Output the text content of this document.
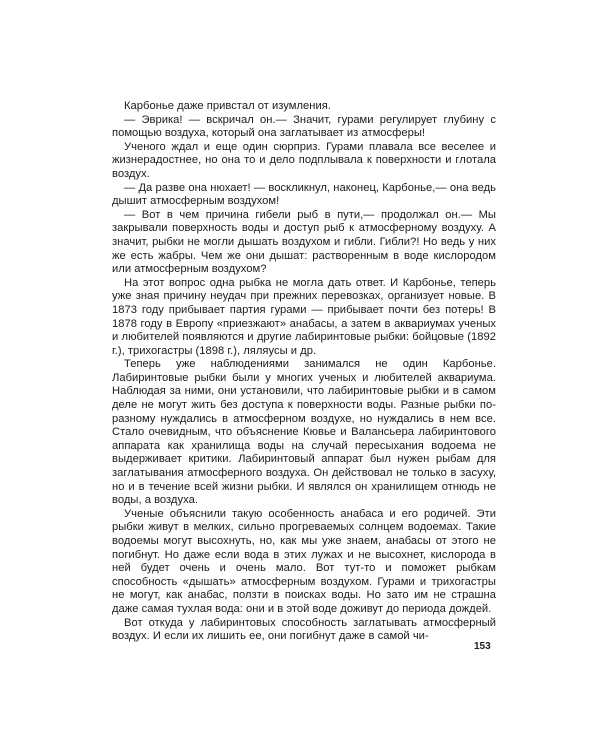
Карбонье даже привстал от изумления.

— Эврика! — вскричал он.— Значит, гурами регулирует глубину с помощью воздуха, который она заглатывает из атмосферы!

Ученого ждал и еще один сюрприз. Гурами плавала все веселее и жизнерадостнее, но она то и дело подплывала к поверхности и глотала воздух.

— Да разве она нюхает! — воскликнул, наконец, Карбонье,— она ведь дышит атмосферным воздухом!

— Вот в чем причина гибели рыб в пути,— продолжал он.— Мы закрывали поверхность воды и доступ рыб к атмосферному воздуху. А значит, рыбки не могли дышать воздухом и гибли. Гибли?! Но ведь у них же есть жабры. Чем же они дышат: растворенным в воде кислородом или атмосферным воздухом?

На этот вопрос одна рыбка не могла дать ответ. И Карбонье, теперь уже зная причину неудач при прежних перевозках, организует новые. В 1873 году прибывает партия гурами — прибывает почти без потерь! В 1878 году в Европу «приезжают» анабасы, а затем в аквариумах ученых и любителей появляются и другие лабиринтовые рыбки: бойцовые (1892 г.), трихогастры (1898 г.), ляляусы и др.

Теперь уже наблюдениями занимался не один Карбонье. Лабиринтовые рыбки были у многих ученых и любителей аквариума. Наблюдая за ними, они установили, что лабиринтовые рыбки и в самом деле не могут жить без доступа к поверхности воды. Разные рыбки по-разному нуждались в атмосферном воздухе, но нуждались в нем все. Стало очевидным, что объяснение Кювье и Валансьера лабиринтового аппарата как хранилища воды на случай пересыхания водоема не выдерживает критики. Лабиринтовый аппарат был нужен рыбам для заглатывания атмосферного воздуха. Он действовал не только в засуху, но и в течение всей жизни рыбки. И являлся он хранилищем отнюдь не воды, а воздуха.

Ученые объяснили такую особенность анабаса и его родичей. Эти рыбки живут в мелких, сильно прогреваемых солнцем водоемах. Такие водоемы могут высохнуть, но, как мы уже знаем, анабасы от этого не погибнут. Но даже если вода в этих лужах и не высохнет, кислорода в ней будет очень и очень мало. Вот тут-то и поможет рыбкам способность «дышать» атмосферным воздухом. Гурами и трихогастры не могут, как анабас, ползти в поисках воды. Но зато им не страшна даже самая тухлая вода: они и в этой воде доживут до периода дождей.

Вот откуда у лабиринтовых способность заглатывать атмосферный воздух. И если их лишить ее, они погибнут даже в самой чи-

153
